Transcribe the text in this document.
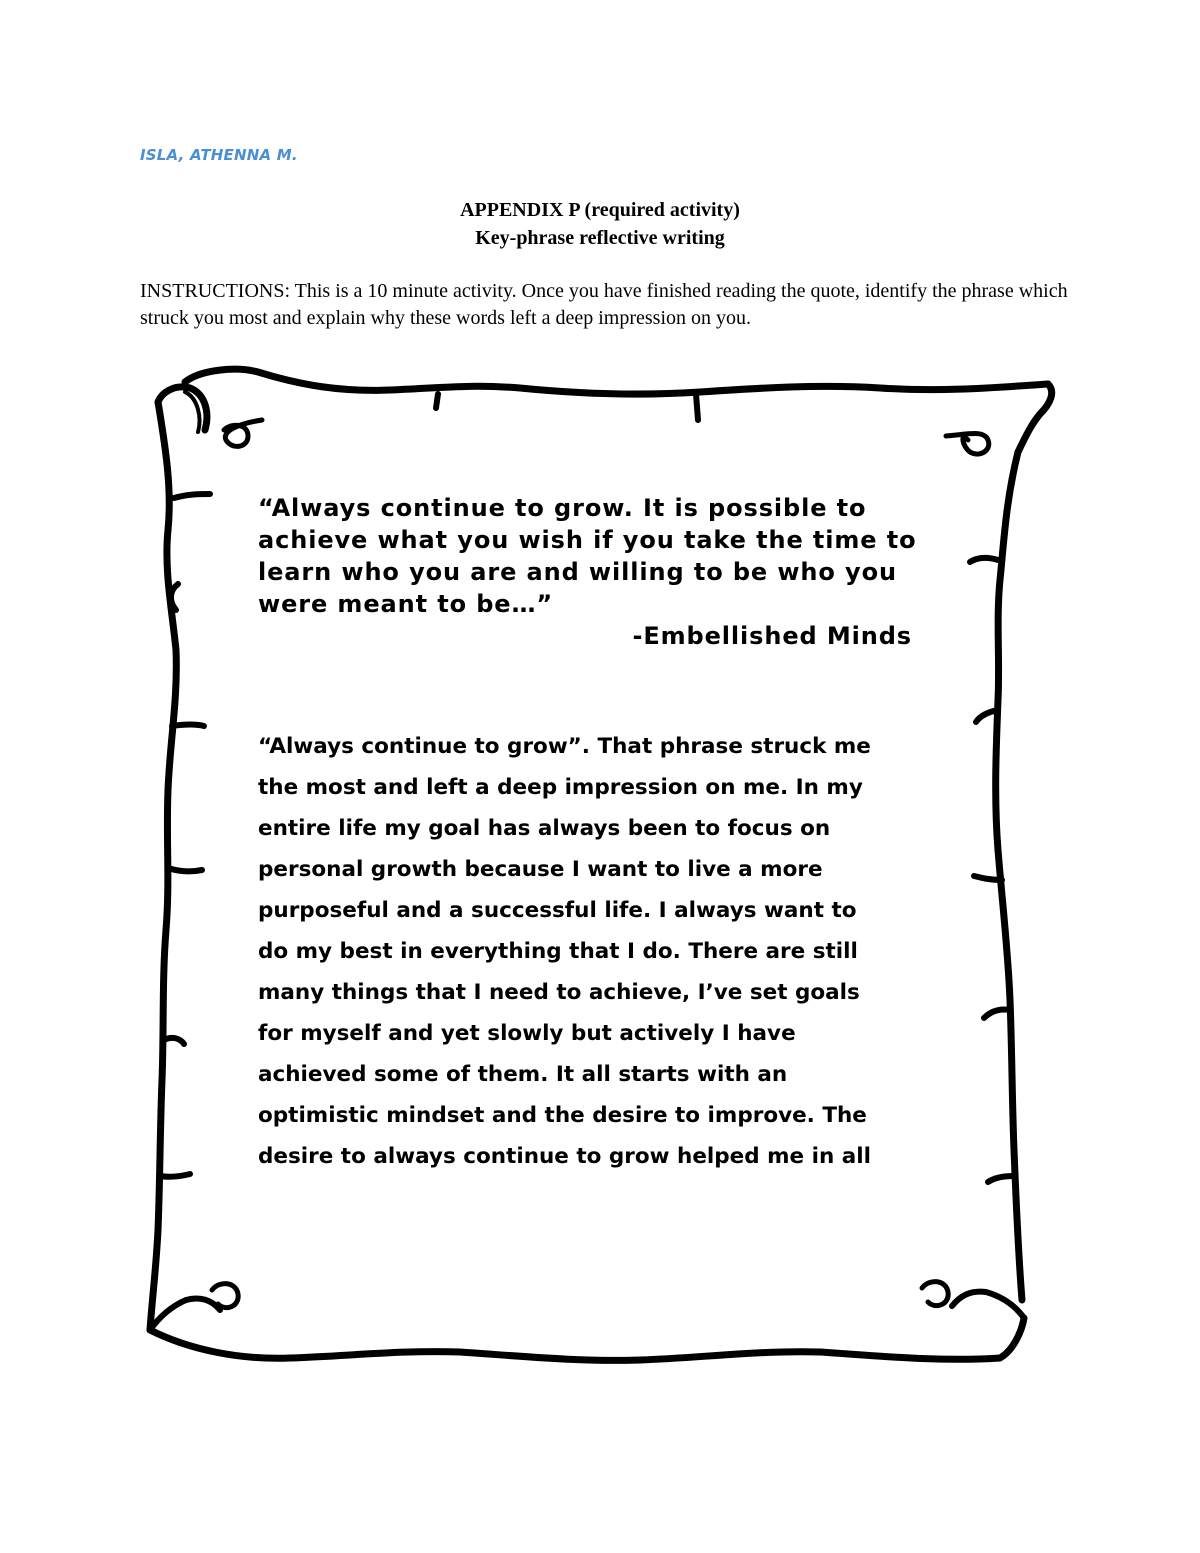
ISLA, ATHENNA M.
APPENDIX P (required activity)
Key-phrase reflective writing
INSTRUCTIONS: This is a 10 minute activity. Once you have finished reading the quote, identify the phrase which struck you most and explain why these words left a deep impression on you.
“Always continue to grow. It is possible to achieve what you wish if you take the time to learn who you are and willing to be who you were meant to be…”
-Embellished Minds
“Always continue to grow”. That phrase struck me
the most and left a deep impression on me. In my
entire life my goal has always been to focus on
personal growth because I want to live a more
purposeful and a successful life. I always want to
do my best in everything that I do. There are still
many things that I need to achieve, I’ve set goals
for myself and yet slowly but actively I have
achieved some of them. It all starts with an
optimistic mindset and the desire to improve. The
desire to always continue to grow helped me in all
